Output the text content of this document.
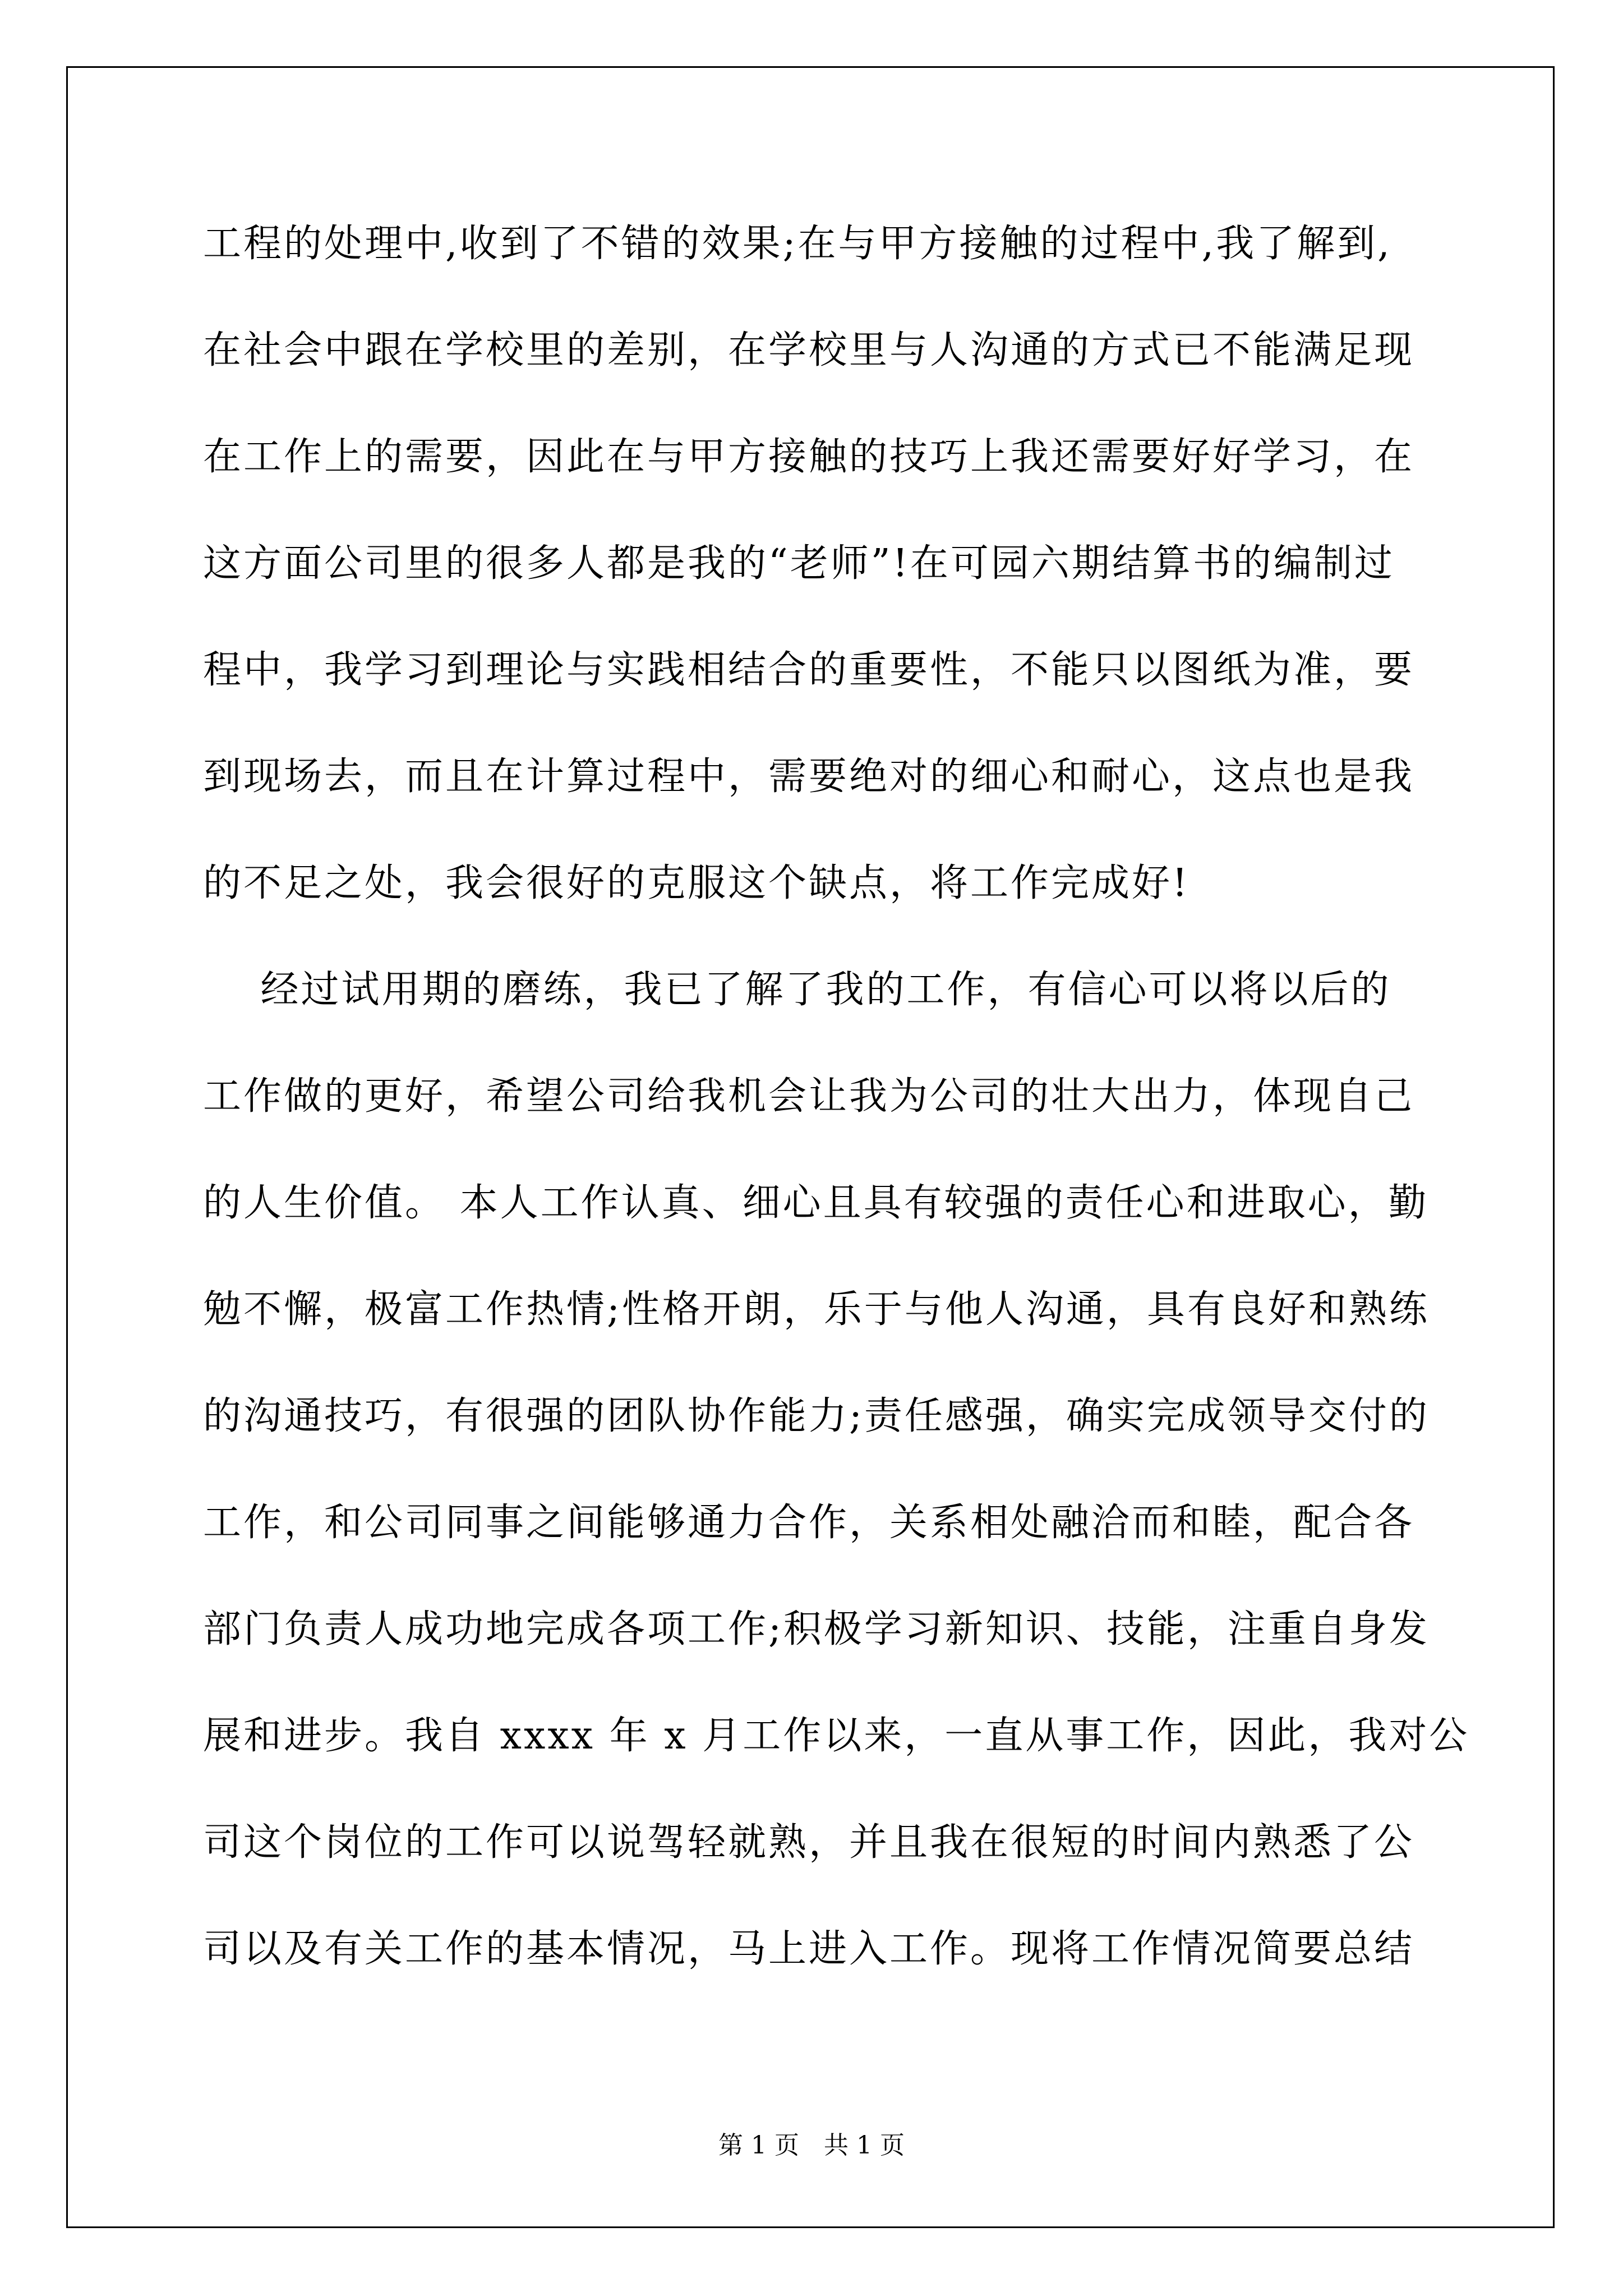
工程的处理中,收到了不错的效果;在与甲方接触的过程中,我了解到,
在社会中跟在学校里的差别，在学校里与人沟通的方式已不能满足现
在工作上的需要，因此在与甲方接触的技巧上我还需要好好学习，在
这方面公司里的很多人都是我的“老师”!在可园六期结算书的编制过
程中，我学习到理论与实践相结合的重要性，不能只以图纸为准，要
到现场去，而且在计算过程中，需要绝对的细心和耐心，这点也是我
的不足之处，我会很好的克服这个缺点，将工作完成好!
经过试用期的磨练，我已了解了我的工作，有信心可以将以后的
工作做的更好，希望公司给我机会让我为公司的壮大出力，体现自己
的人生价值。 本人工作认真、细心且具有较强的责任心和进取心，勤
勉不懈，极富工作热情;性格开朗，乐于与他人沟通，具有良好和熟练
的沟通技巧，有很强的团队协作能力;责任感强，确实完成领导交付的
工作，和公司同事之间能够通力合作，关系相处融洽而和睦，配合各
部门负责人成功地完成各项工作;积极学习新知识、技能，注重自身发
展和进步。我自 xxxx 年 x 月工作以来，一直从事工作，因此，我对公
司这个岗位的工作可以说驾轻就熟，并且我在很短的时间内熟悉了公
司以及有关工作的基本情况，马上进入工作。现将工作情况简要总结
第 1 页　共 1 页
